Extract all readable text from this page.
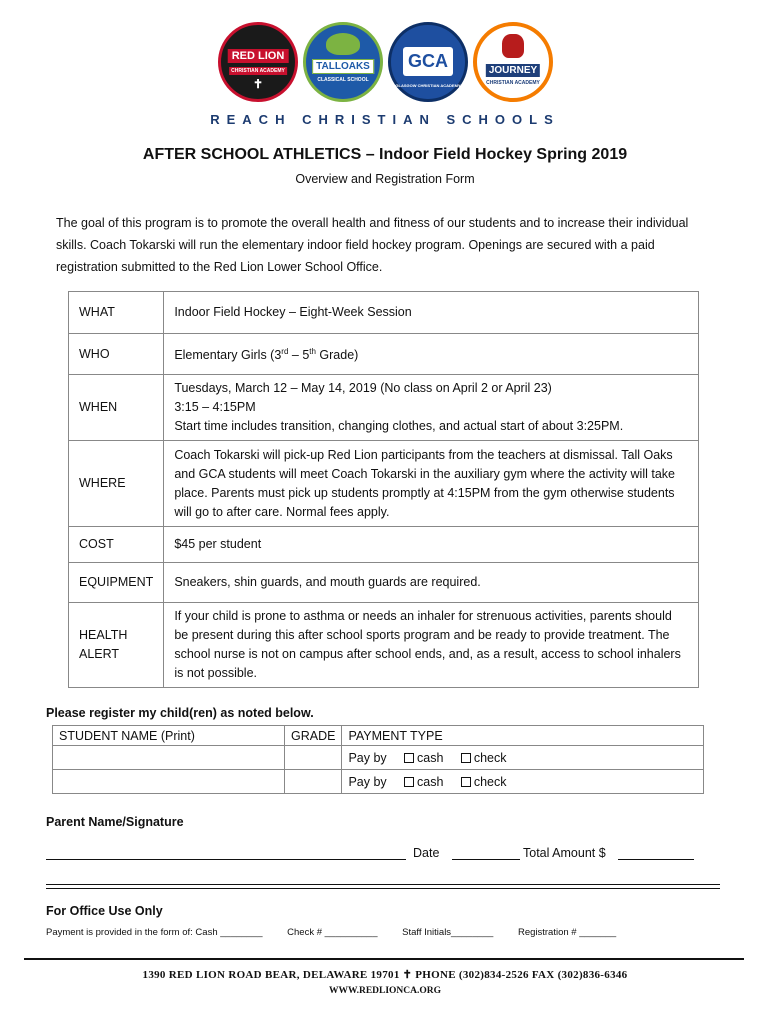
RED LION
CHRISTIAN ACADEMY
✝
TALLOAKS
CLASSICAL SCHOOL
GCA
GLASGOW CHRISTIAN ACADEMY
JOURNEY
CHRISTIAN ACADEMY
REACH CHRISTIAN SCHOOLS
AFTER SCHOOL ATHLETICS – Indoor Field Hockey Spring 2019
Overview and Registration Form
The goal of this program is to promote the overall health and fitness of our students and to increase their individual skills. Coach Tokarski will run the elementary indoor field hockey program. Openings are secured with a paid registration submitted to the Red Lion Lower School Office.
WHAT	Indoor Field Hockey – Eight-Week Session
WHO	Elementary Girls (3rd – 5th Grade)
WHEN	Tuesdays, March 12 – May 14, 2019 (No class on April 2 or April 23)
3:15 – 4:15PM
Start time includes transition, changing clothes, and actual start of about 3:25PM.

WHERE	Coach Tokarski will pick-up Red Lion participants from the teachers at dismissal. Tall Oaks and GCA students will meet Coach Tokarski in the auxiliary gym where the activity will take place. Parents must pick up students promptly at 4:15PM from the gym otherwise students will go to after care. Normal fees apply.
COST	$45 per student
EQUIPMENT	Sneakers, shin guards, and mouth guards are required.

HEALTH
ALERT	If your child is prone to asthma or needs an inhaler for strenuous activities, parents should be present during this after school sports program and be ready to provide treatment. The school nurse is not on campus after school ends, and, as a result, access to school inhalers is not possible.
Please register my child(ren) as noted below.
STUDENT NAME (Print)	GRADE	PAYMENT TYPE
		Pay by cash check
		Pay by cash check
Parent Name/Signature
Date	Total Amount $
For Office Use Only
Payment is provided in the form of: Cash ________	Check # __________	Staff Initials________	Registration # _______
1390 RED LION ROAD BEAR, DELAWARE 19701 ✝ PHONE (302)834-2526 FAX (302)836-6346
WWW.REDLIONCA.ORG
